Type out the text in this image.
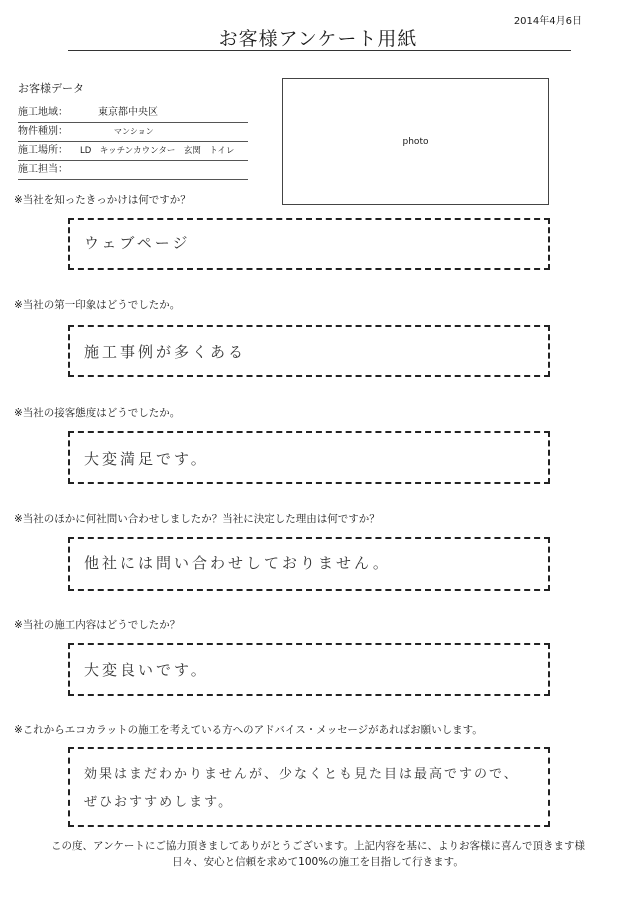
2014年4月6日
お客様アンケート用紙
お客様データ
施工地域：	東京都中央区
物件種別：	マンション
施工場所： LD　キッチンカウンター　玄関　トイレ
施工担当：
photo
※当社を知ったきっかけは何ですか？
ウェブページ
※当社の第一印象はどうでしたか。
施工事例が多くある
※当社の接客態度はどうでしたか。
大変満足です。
※当社のほかに何社問い合わせしましたか？当社に決定した理由は何ですか？
他社には問い合わせしておりません。
※当社の施工内容はどうでしたか？
大変良いです。
※これからエコカラットの施工を考えている方へのアドバイス・メッセージがあればお願いします。
効果はまだわかりませんが、少なくとも見た目は最高ですので、
ぜひおすすめします。
この度、アンケートにご協力頂きましてありがとうございます。上記内容を基に、よりお客様に喜んで頂きます様
日々、安心と信頼を求めて100%の施工を目指して行きます。
